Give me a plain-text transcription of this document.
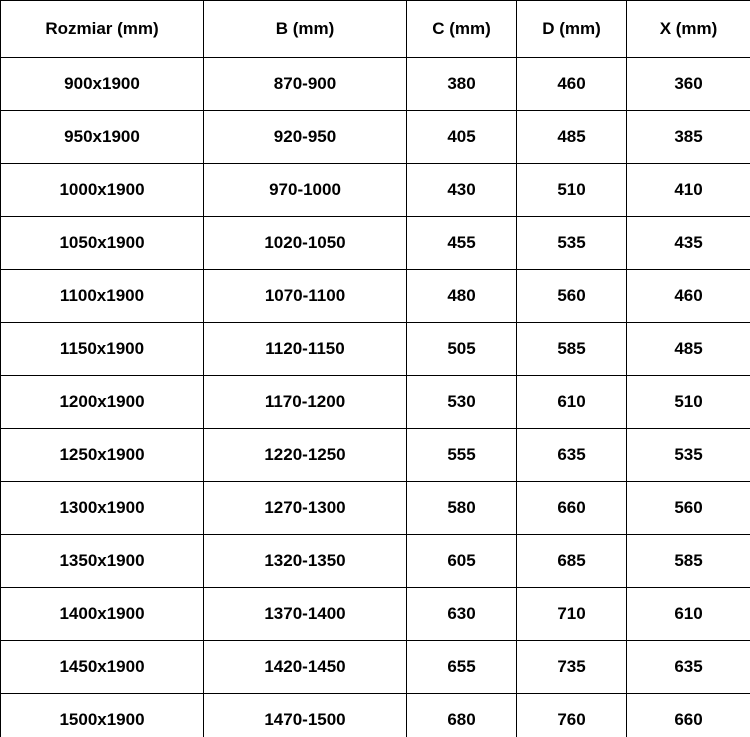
Rozmiar (mm)	B (mm)	C (mm)	D (mm)	X (mm)
900x1900	870-900	380	460	360
950x1900	920-950	405	485	385
1000x1900	970-1000	430	510	410
1050x1900	1020-1050	455	535	435
1100x1900	1070-1100	480	560	460
1150x1900	1120-1150	505	585	485
1200x1900	1170-1200	530	610	510
1250x1900	1220-1250	555	635	535
1300x1900	1270-1300	580	660	560
1350x1900	1320-1350	605	685	585
1400x1900	1370-1400	630	710	610
1450x1900	1420-1450	655	735	635
1500x1900	1470-1500	680	760	660
